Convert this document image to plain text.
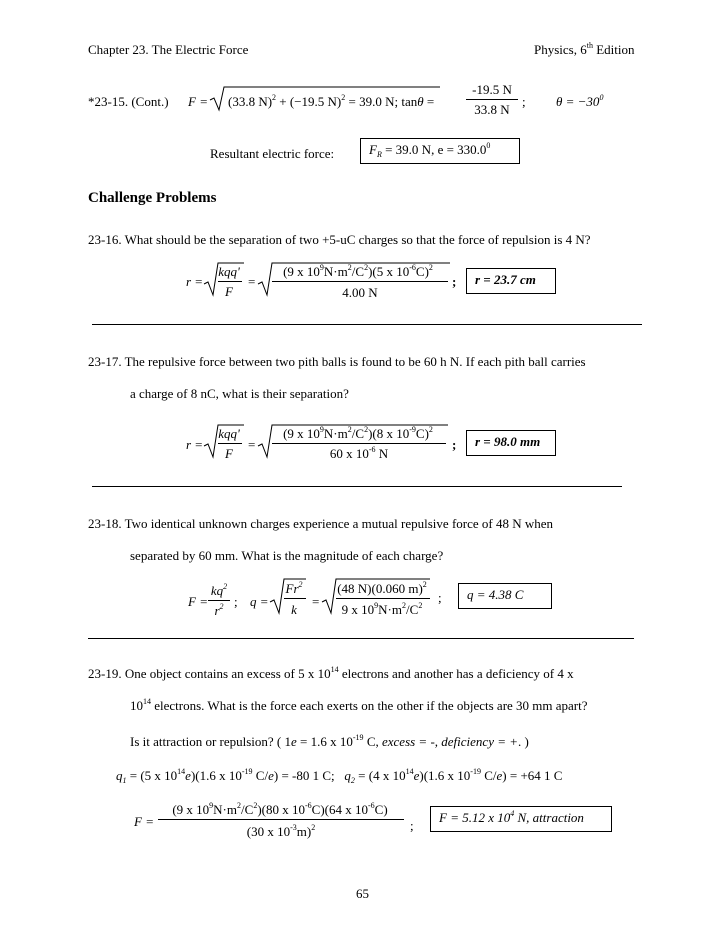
Chapter 23. The Electric Force	Physics, 6th Edition
*23-15. (Cont.) F = (33.8 N)$^2$ + (−19.5 N)$^2$ = 39.0 N; tanθ =
-19.5 N
33.8 N
; $\theta = -30^0$
Resultant electric force:	$F_R = 39.0$ N, $e = 330.0^0$
Challenge Problems
23-16. What should be the separation of two +5-uC charges so that the force of repulsion is 4 N?
r =
kqq'
F
=
(9 x $10^9N\cdot m^2/C^2)(5$ x $10^{-6}C)^2$
4.00 N
;	r = 23.7 cm
23-17. The repulsive force between two pith balls is found to be 60 h N. If each pith ball carries
a charge of 8 nC, what is their separation?
r =
kqq'
F
=
(9 x $10^9N\cdot m^2/C^2)(8$ x $10^{-9}C)^2$
60 x $10^{-6}$ N
;	r = 98.0 mm
23-18. Two identical unknown charges experience a mutual repulsive force of 48 N when
separated by 60 mm. What is the magnitude of each charge?
F =
$kq^2$
$r^2$ ; q =
$Fr^2$
k
=
(48 N)(0.060 m)$^2$
9 x $10^9N\cdot m^2/C^2$
;	q = 4.38 C
23-19. One object contains an excess of 5 x $10^{14}$ electrons and another has a deficiency of 4 x
$10^{14}$ electrons. What is the force each exerts on the other if the objects are 30 mm apart?
Is it attraction or repulsion? ( 1e = 1.6 x $10^{-19}$ C, excess = -, deficiency = +. )
$q_1 = (5$ x $10^{14}e)(1.6$ x $10^{-19}$ C/e) = -80 1 C; $q_2 = (4$ x $10^{14}e)(1.6$ x $10^{-19}$ C/e) = +64 1 C
F =
(9 x $10^9N\cdot m^2/C^2)(80$ x $10^{-6}C)(64$ x $10^{-6}C$)
(30 x $10^{-3}m)^2$	;
F = 5.12 x $10^4$ N, attraction
65
